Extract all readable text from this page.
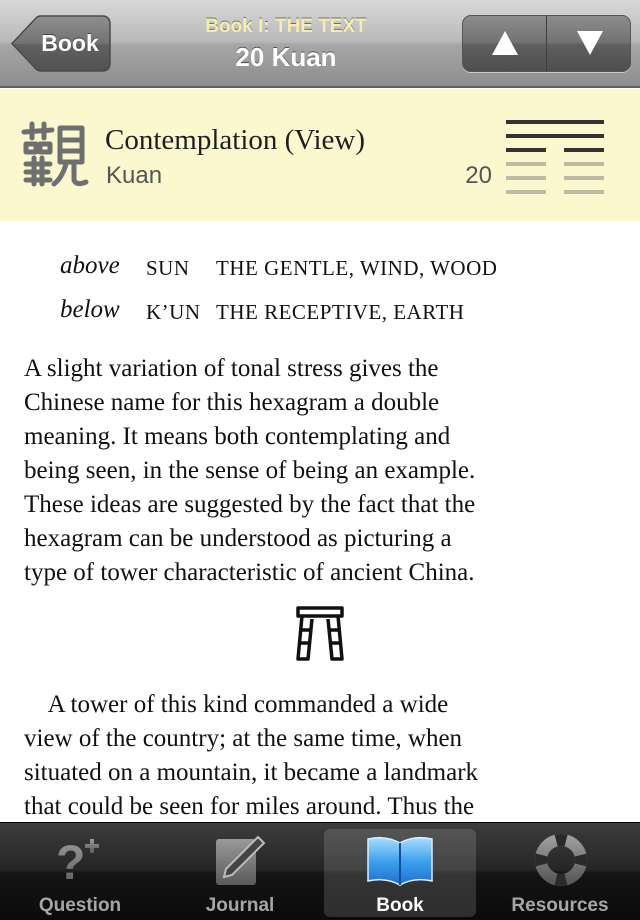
Book
Book I: THE TEXT
20 Kuan
Contemplation (View)
Kuan	20
above SUN THE GENTLE, WIND, WOOD
below K’UN THE RECEPTIVE, EARTH
A slight variation of tonal stress gives the
Chinese name for this hexagram a double
meaning. It means both contemplating and
being seen, in the sense of being an example.
These ideas are suggested by the fact that the
hexagram can be understood as picturing a
type of tower characteristic of ancient China.
A tower of this kind commanded a wide
view of the country; at the same time, when
situated on a mountain, it became a landmark
that could be seen for miles around. Thus the
?
Question	Journal	Book	Resources
